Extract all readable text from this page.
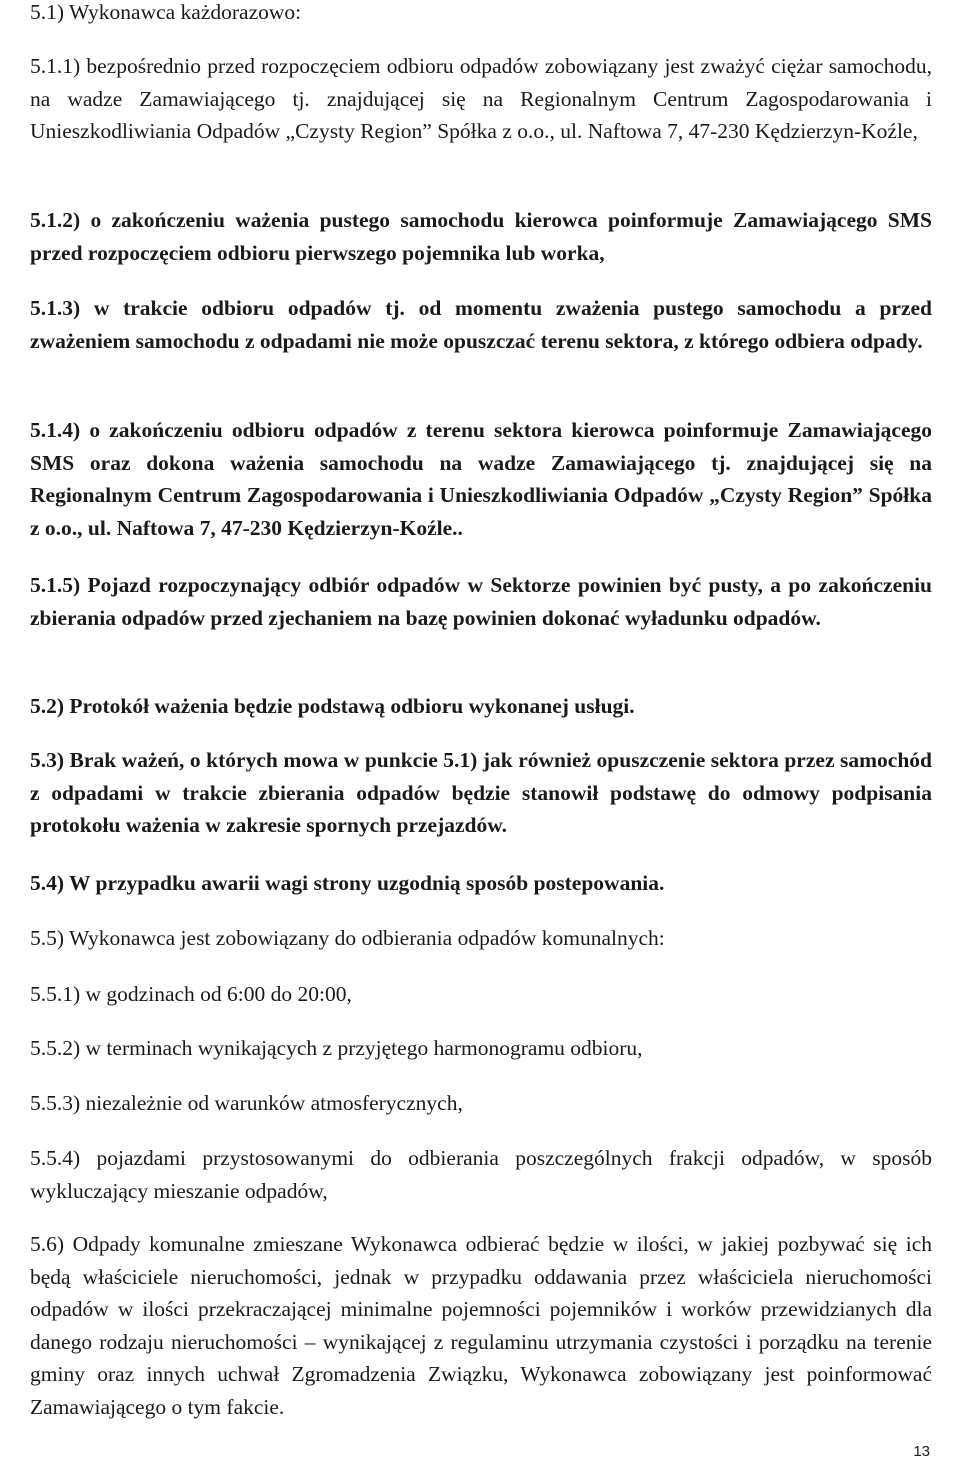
5.1) Wykonawca każdorazowo:

5.1.1) bezpośrednio przed rozpoczęciem odbioru odpadów zobowiązany jest zważyć ciężar samochodu, na wadze Zamawiającego tj. znajdującej się na Regionalnym Centrum Zagospodarowania i Unieszkodliwiania Odpadów „Czysty Region” Spółka z o.o., ul. Naftowa 7, 47-230 Kędzierzyn-Koźle,

5.1.2) o zakończeniu ważenia pustego samochodu kierowca poinformuje Zamawiającego SMS przed rozpoczęciem odbioru pierwszego pojemnika lub worka,

5.1.3) w trakcie odbioru odpadów tj. od momentu zważenia pustego samochodu a przed zważeniem samochodu z odpadami nie może opuszczać terenu sektora, z którego odbiera odpady.

5.1.4) o zakończeniu odbioru odpadów z terenu sektora kierowca poinformuje Zamawiającego SMS oraz dokona ważenia samochodu na wadze Zamawiającego tj. znajdującej się na Regionalnym Centrum Zagospodarowania i Unieszkodliwiania Odpadów „Czysty Region” Spółka z o.o., ul. Naftowa 7, 47-230 Kędzierzyn-Koźle..

5.1.5) Pojazd rozpoczynający odbiór odpadów w Sektorze powinien być pusty, a po zakończeniu zbierania odpadów przed zjechaniem na bazę powinien dokonać wyładunku odpadów.

5.2) Protokół ważenia będzie podstawą odbioru wykonanej usługi.

5.3) Brak ważeń, o których mowa w punkcie 5.1) jak również opuszczenie sektora przez samochód z odpadami w trakcie zbierania odpadów będzie stanowił podstawę do odmowy podpisania protokołu ważenia w zakresie spornych przejazdów.

5.4) W przypadku awarii wagi strony uzgodnią sposób postepowania.

5.5) Wykonawca jest zobowiązany do odbierania odpadów komunalnych:

5.5.1) w godzinach od 6:00 do 20:00,

5.5.2) w terminach wynikających z przyjętego harmonogramu odbioru,

5.5.3) niezależnie od warunków atmosferycznych,

5.5.4) pojazdami przystosowanymi do odbierania poszczególnych frakcji odpadów, w sposób wykluczający mieszanie odpadów,

5.6) Odpady komunalne zmieszane Wykonawca odbierać będzie w ilości, w jakiej pozbywać się ich będą właściciele nieruchomości, jednak w przypadku oddawania przez właściciela nieruchomości odpadów w ilości przekraczającej minimalne pojemności pojemników i worków przewidzianych dla danego rodzaju nieruchomości – wynikającej z regulaminu utrzymania czystości i porządku na terenie gminy oraz innych uchwał Zgromadzenia Związku, Wykonawca zobowiązany jest poinformować Zamawiającego o tym fakcie.

13
